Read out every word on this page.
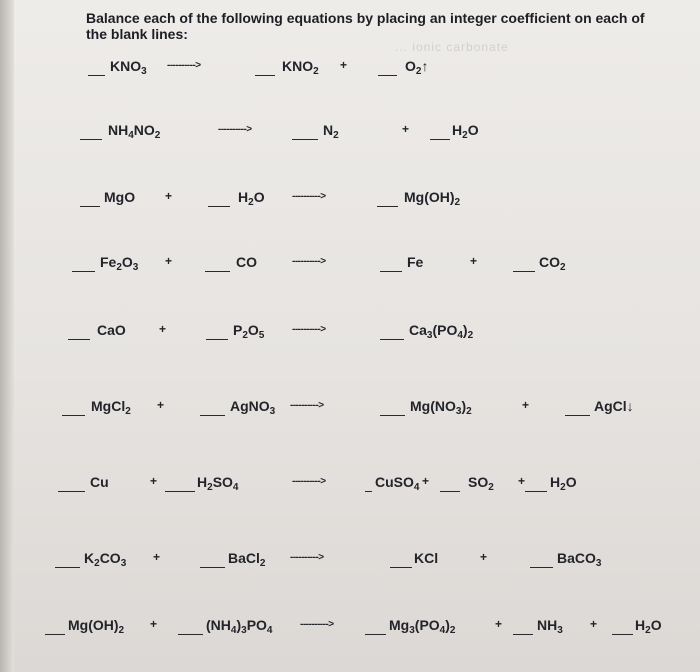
... ionic carbonate
Balance each of the following equations by placing an integer coefficient on each of the blank lines:
$KNO_3$	$KNO_2$	$O_2↑$
---------->	+
$NH_4NO_2$	$N_2$	$H_2O$
---------->	+
MgO	$H_2O$	$Mg(OH)_2$
---------->
+
$Fe_2O_3$	CO	Fe	$CO_2$
---------->
+	+
CaO	$P_2O_5$	$Ca_3(PO_4)_2$
---------->
+
MgCl$_2$	AgNO$_3$	$Mg(NO_3)_2$	AgCl↓
---------->
+	+
Cu	$H_2SO_4$	CuSO$_4$	$SO_2$	$H_2O$
---------->
+	+	+
$K_2CO_3$	BaCl$_2$	KCl	BaCO$_3$
---------->
+	+
$Mg(OH)_2$	$(NH_4)_3PO_4$	$Mg_3(PO_4)_2$	$NH_3$	$H_2O$
---------->
+	+	+
